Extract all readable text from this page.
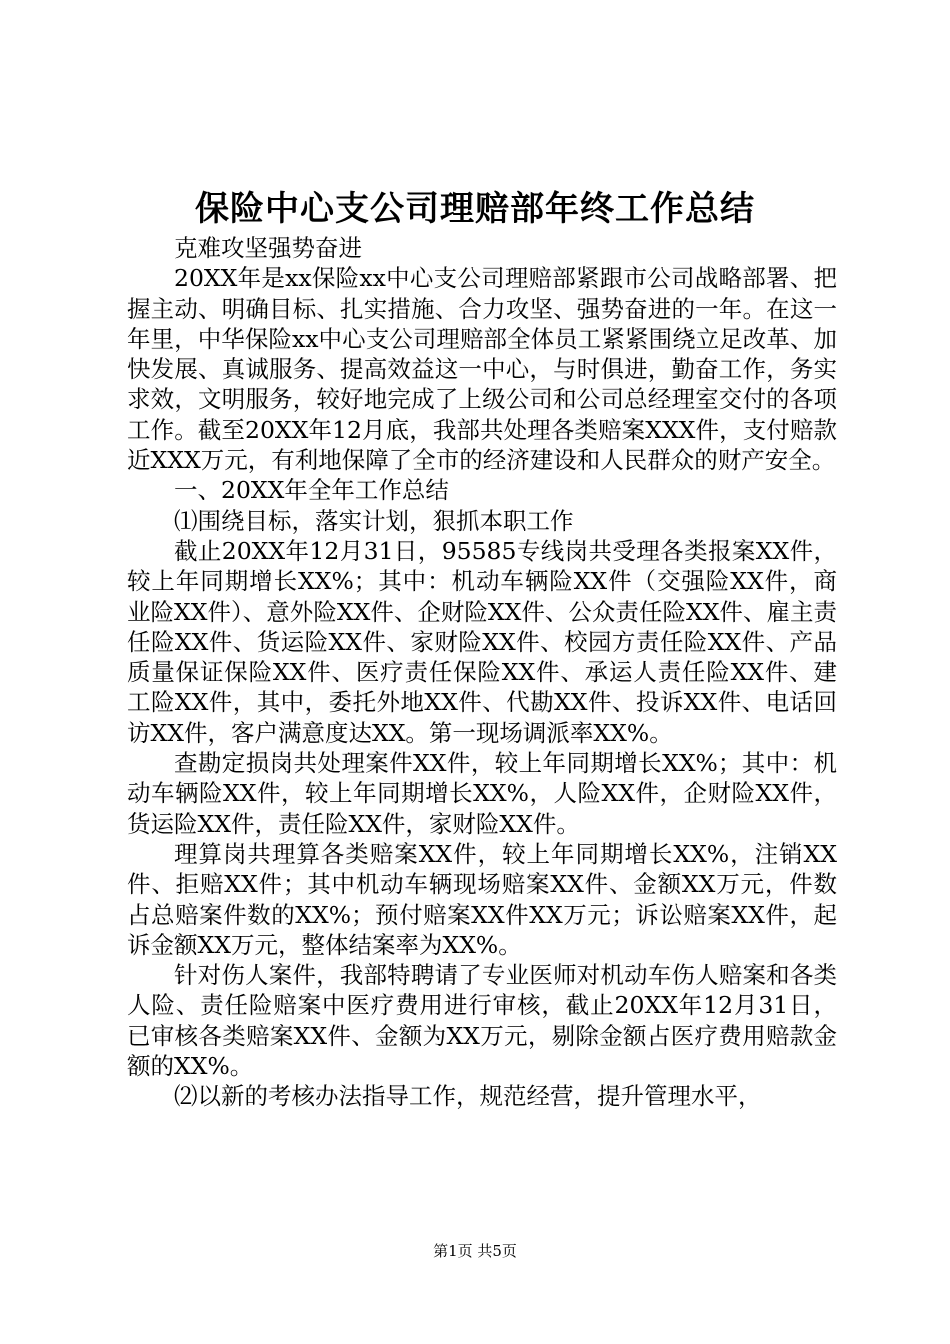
保险中心支公司理赔部年终工作总结

克难攻坚强势奋进

20XX年是xx保险xx中心支公司理赔部紧跟市公司战略部署、把握主动、明确目标、扎实措施、合力攻坚、强势奋进的一年。在这一年里，中华保险xx中心支公司理赔部全体员工紧紧围绕立足改革、加快发展、真诚服务、提高效益这一中心，与时俱进，勤奋工作，务实求效，文明服务，较好地完成了上级公司和公司总经理室交付的各项工作。截至20XX年12月底，我部共处理各类赔案XXX件，支付赔款近XXX万元，有利地保障了全市的经济建设和人民群众的财产安全。

一、20XX年全年工作总结

⑴围绕目标，落实计划，狠抓本职工作

截止20XX年12月31日，95585专线岗共受理各类报案XX件，较上年同期增长XX%；其中：机动车辆险XX件（交强险XX件，商业险XX件）、意外险XX件、企财险XX件、公众责任险XX件、雇主责任险XX件、货运险XX件、家财险XX件、校园方责任险XX件、产品质量保证保险XX件、医疗责任保险XX件、承运人责任险XX件、建工险XX件，其中，委托外地XX件、代勘XX件、投诉XX件、电话回访XX件，客户满意度达XX。第一现场调派率XX%。

查勘定损岗共处理案件XX件，较上年同期增长XX%；其中：机动车辆险XX件，较上年同期增长XX%，人险XX件，企财险XX件，货运险XX件，责任险XX件，家财险XX件。

理算岗共理算各类赔案XX件，较上年同期增长XX%，注销XX件、拒赔XX件；其中机动车辆现场赔案XX件、金额XX万元，件数占总赔案件数的XX%；预付赔案XX件XX万元；诉讼赔案XX件，起诉金额XX万元，整体结案率为XX%。

针对伤人案件，我部特聘请了专业医师对机动车伤人赔案和各类人险、责任险赔案中医疗费用进行审核，截止20XX年12月31日，已审核各类赔案XX件、金额为XX万元，剔除金额占医疗费用赔款金额的XX%。

⑵以新的考核办法指导工作，规范经营，提升管理水平，

第1页 共5页
